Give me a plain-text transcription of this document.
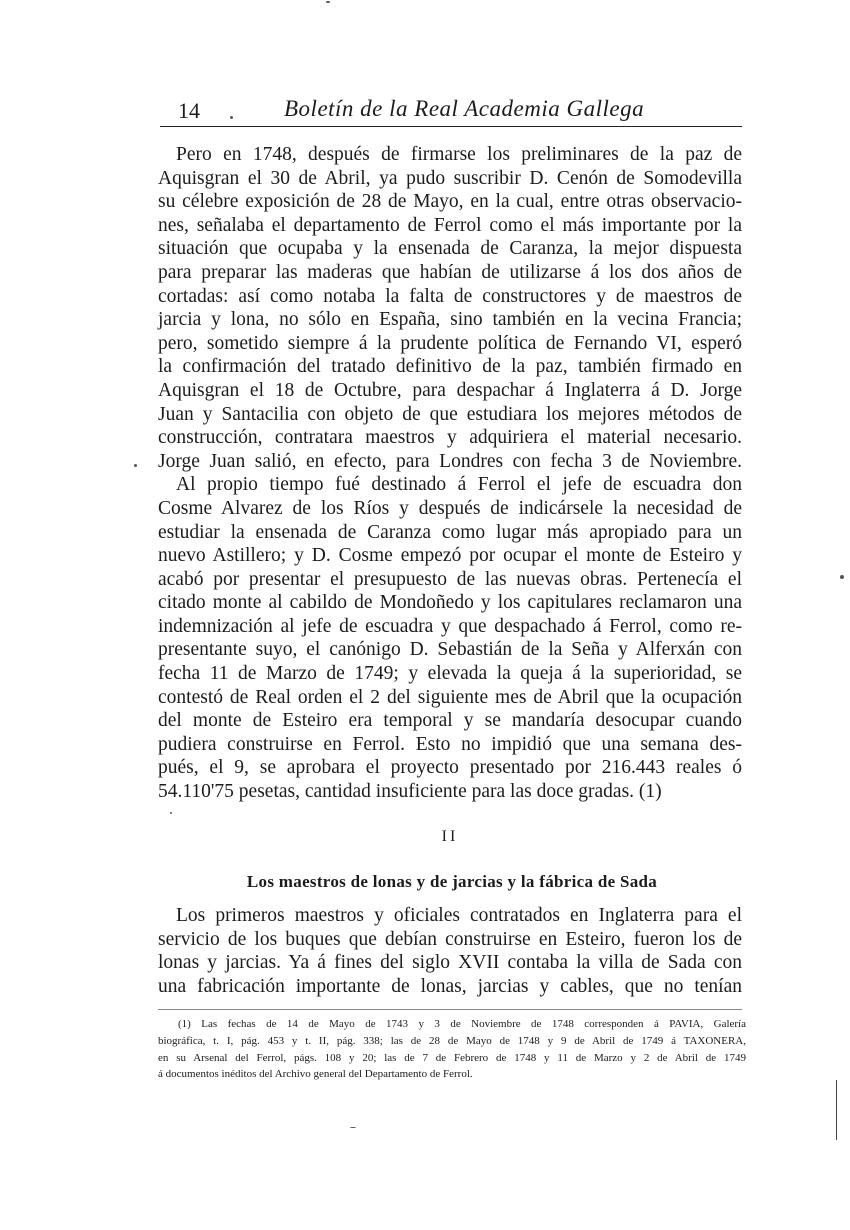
14	Boletín de la Real Academia Gallega
Pero en 1748, después de firmarse los preliminares de la paz de
Aquisgran el 30 de Abril, ya pudo suscribir D. Cenón de Somodevilla
su célebre exposición de 28 de Mayo, en la cual, entre otras observacio-
nes, señalaba el departamento de Ferrol como el más importante por la
situación que ocupaba y la ensenada de Caranza, la mejor dispuesta
para preparar las maderas que habían de utilizarse á los dos años de
cortadas: así como notaba la falta de constructores y de maestros de
jarcia y lona, no sólo en España, sino también en la vecina Francia;
pero, sometido siempre á la prudente política de Fernando VI, esperó
la confirmación del tratado definitivo de la paz, también firmado en
Aquisgran el 18 de Octubre, para despachar á Inglaterra á D. Jorge
Juan y Santacilia con objeto de que estudiara los mejores métodos de
construcción, contratara maestros y adquiriera el material necesario.
Jorge Juan salió, en efecto, para Londres con fecha 3 de Noviembre.
Al propio tiempo fué destinado á Ferrol el jefe de escuadra don
Cosme Alvarez de los Ríos y después de indicársele la necesidad de
estudiar la ensenada de Caranza como lugar más apropiado para un
nuevo Astillero; y D. Cosme empezó por ocupar el monte de Esteiro y
acabó por presentar el presupuesto de las nuevas obras. Pertenecía el
citado monte al cabildo de Mondoñedo y los capitulares reclamaron una
indemnización al jefe de escuadra y que despachado á Ferrol, como re-
presentante suyo, el canónigo D. Sebastián de la Seña y Alferxán con
fecha 11 de Marzo de 1749; y elevada la queja á la superioridad, se
contestó de Real orden el 2 del siguiente mes de Abril que la ocupación
del monte de Esteiro era temporal y se mandaría desocupar cuando
pudiera construirse en Ferrol. Esto no impidió que una semana des-
pués, el 9, se aprobara el proyecto presentado por 216.443 reales ó
54.110'75 pesetas, cantidad insuficiente para las doce gradas. (1)
II
Los maestros de lonas y de jarcias y la fábrica de Sada
Los primeros maestros y oficiales contratados en Inglaterra para el
servicio de los buques que debían construirse en Esteiro, fueron los de
lonas y jarcias. Ya á fines del siglo XVII contaba la villa de Sada con
una fabricación importante de lonas, jarcias y cables, que no tenían
(1) Las fechas de 14 de Mayo de 1743 y 3 de Noviembre de 1748 corresponden á PAVIA, Galería
biográfica, t. I, pág. 453 y t. II, pág. 338; las de 28 de Mayo de 1748 y 9 de Abril de 1749 á TAXONERA,
en su Arsenal del Ferrol, págs. 108 y 20; las de 7 de Febrero de 1748 y 11 de Marzo y 2 de Abril de 1749
á documentos inéditos del Archivo general del Departamento de Ferrol.
